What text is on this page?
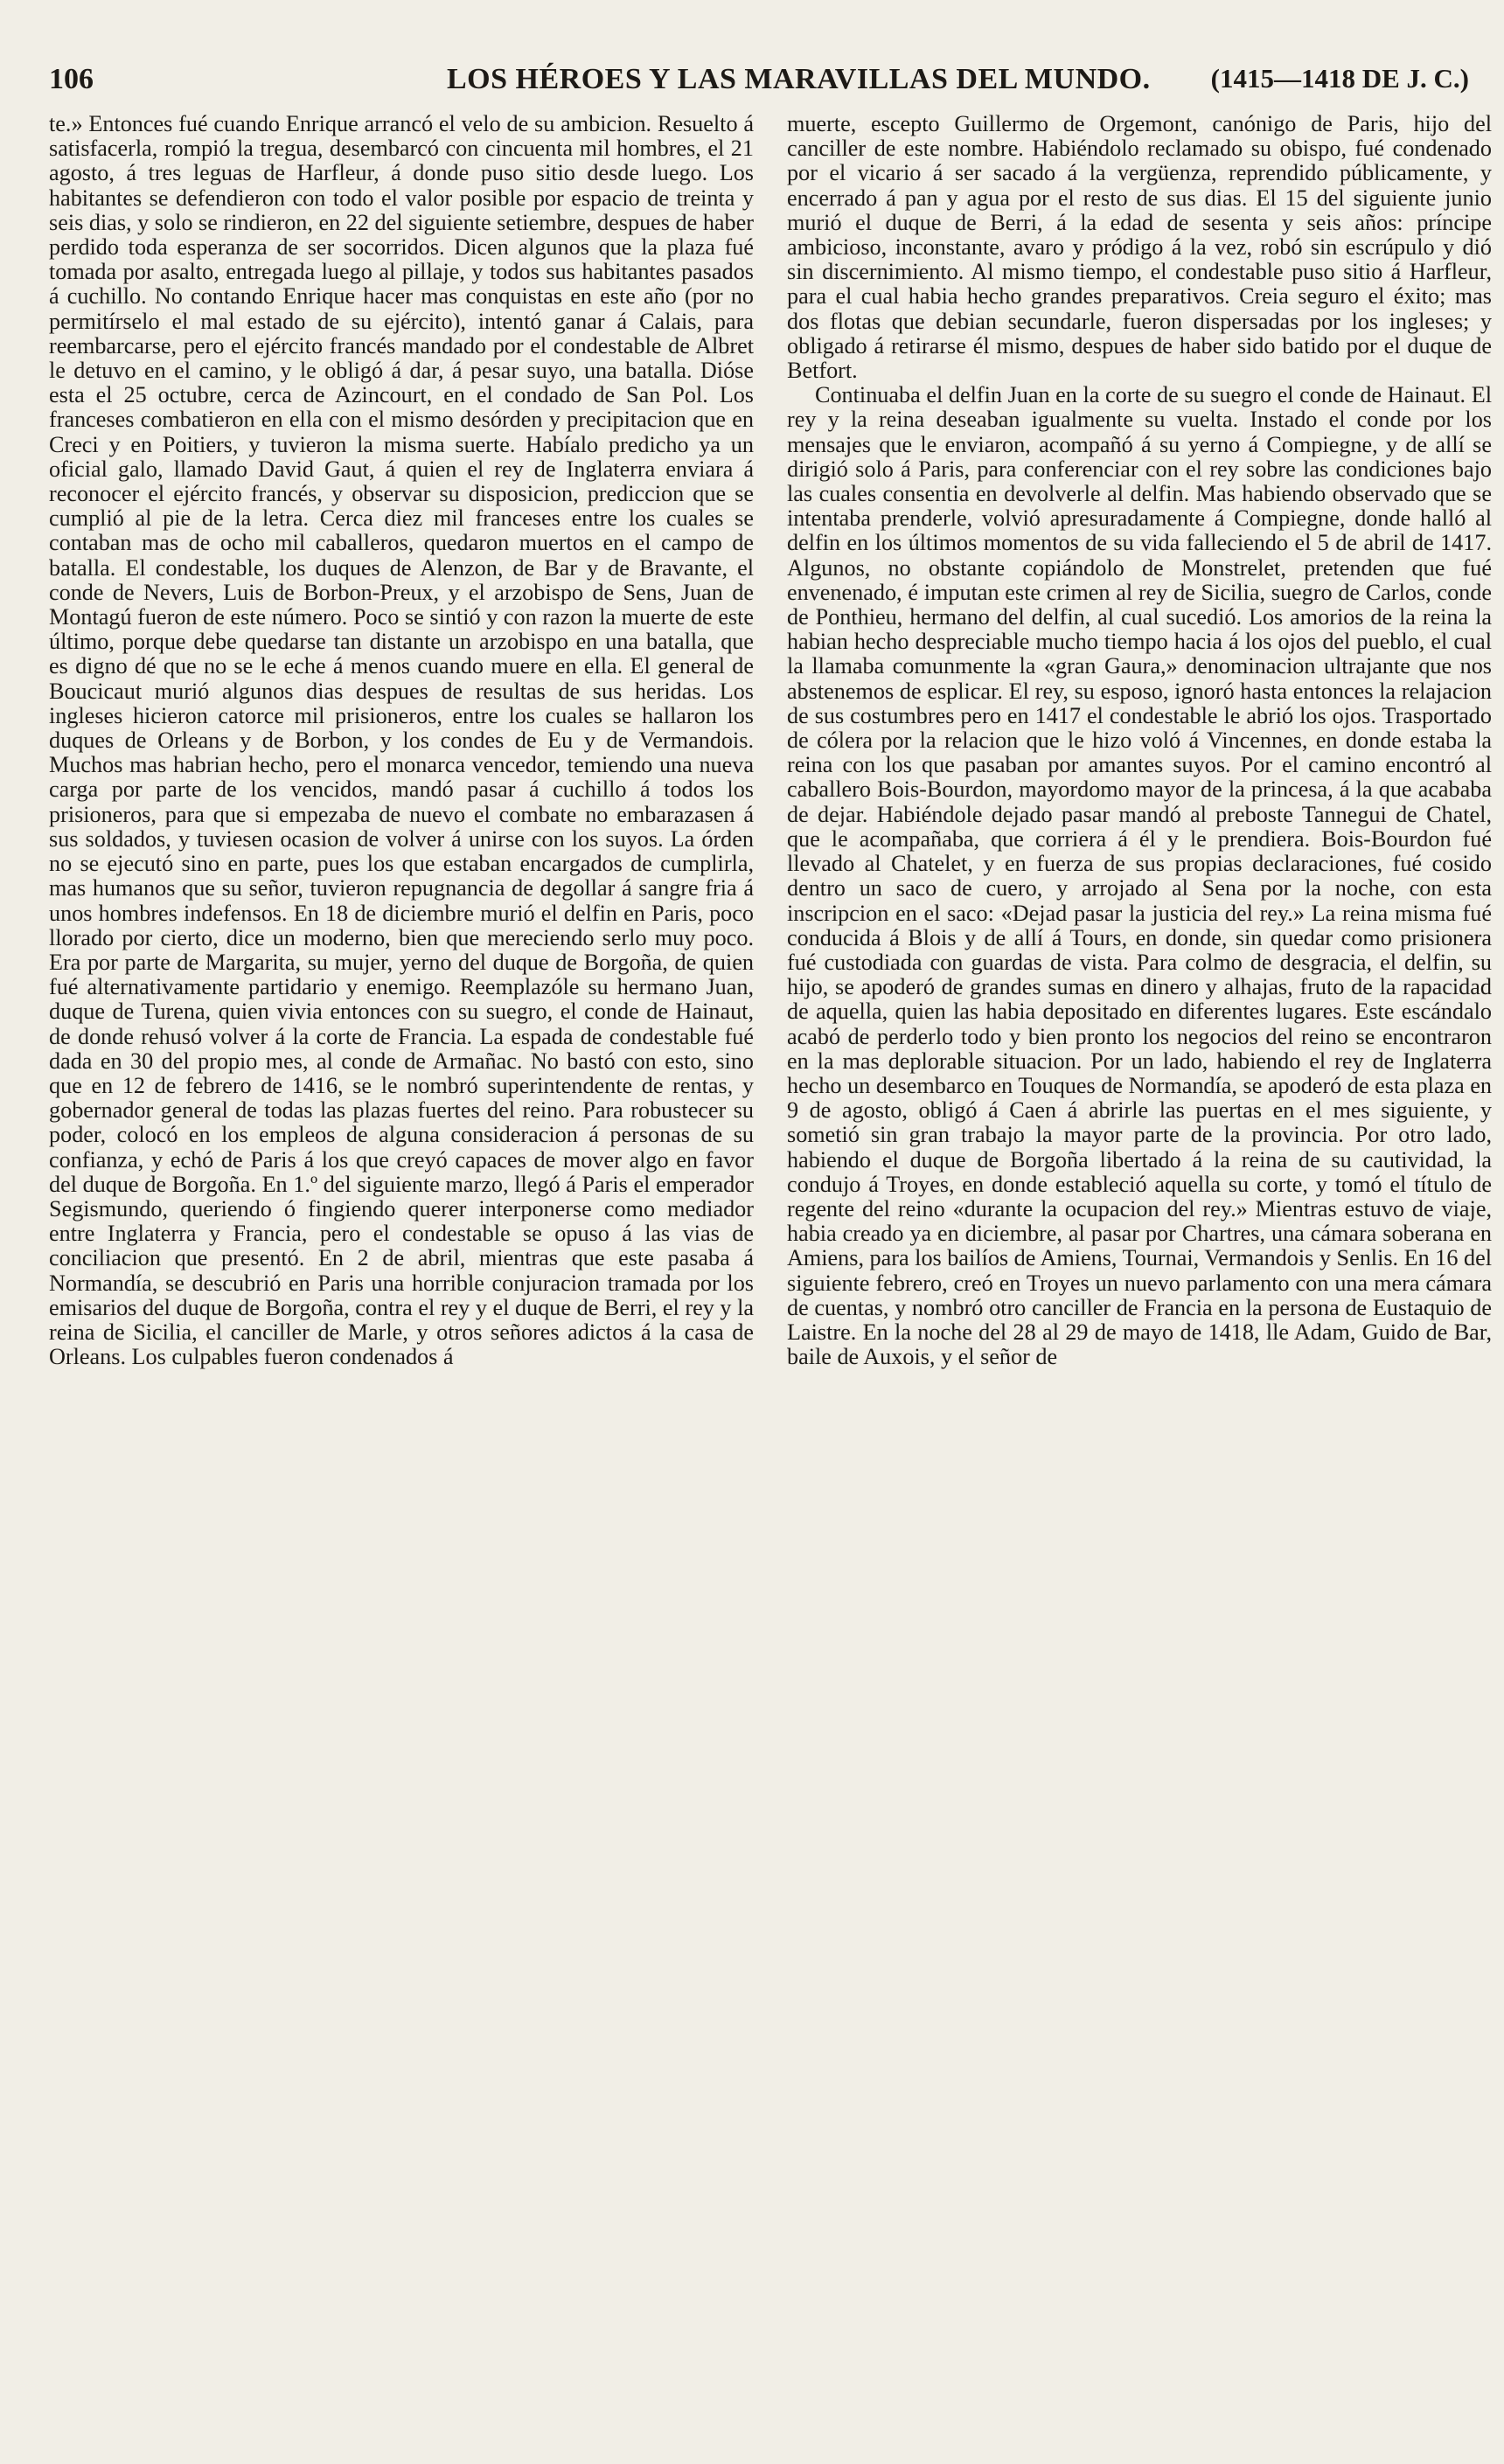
106	LOS HÉROES Y LAS MARAVILLAS DEL MUNDO. (1415—1418 DE J. C.)

te.» Entonces fué cuando Enrique arrancó el velo de su ambicion. Resuelto á satisfacerla, rompió la tregua, desembarcó con cincuenta mil hombres, el 21 agosto, á tres leguas de Harfleur, á donde puso sitio desde luego. Los habitantes se defendieron con todo el valor posible por espacio de treinta y seis dias, y solo se rindieron, en 22 del siguiente setiembre, despues de haber perdido toda esperanza de ser socorridos. Dicen algunos que la plaza fué tomada por asalto, entregada luego al pillaje, y todos sus habitantes pasados á cuchillo. No contando Enrique hacer mas conquistas en este año (por no permitírselo el mal estado de su ejército), intentó ganar á Calais, para reembarcarse, pero el ejército francés mandado por el condestable de Albret le detuvo en el camino, y le obligó á dar, á pesar suyo, una batalla. Dióse esta el 25 octubre, cerca de Azincourt, en el condado de San Pol. Los franceses combatieron en ella con el mismo desórden y precipitacion que en Creci y en Poitiers, y tuvieron la misma suerte. Habíalo predicho ya un oficial galo, llamado David Gaut, á quien el rey de Inglaterra enviara á reconocer el ejército francés, y observar su disposicion, prediccion que se cumplió al pie de la letra. Cerca diez mil franceses entre los cuales se contaban mas de ocho mil caballeros, quedaron muertos en el campo de batalla. El condestable, los duques de Alenzon, de Bar y de Bravante, el conde de Nevers, Luis de Borbon-Preux, y el arzobispo de Sens, Juan de Montagú fueron de este número. Poco se sintió y con razon la muerte de este último, porque debe quedarse tan distante un arzobispo en una batalla, que es digno dé que no se le eche á menos cuando muere en ella. El general de Boucicaut murió algunos dias despues de resultas de sus heridas. Los ingleses hicieron catorce mil prisioneros, entre los cuales se hallaron los duques de Orleans y de Borbon, y los condes de Eu y de Vermandois. Muchos mas habrian hecho, pero el monarca vencedor, temiendo una nueva carga por parte de los vencidos, mandó pasar á cuchillo á todos los prisioneros, para que si empezaba de nuevo el combate no embarazasen á sus soldados, y tuviesen ocasion de volver á unirse con los suyos. La órden no se ejecutó sino en parte, pues los que estaban encargados de cumplirla, mas humanos que su señor, tuvieron repugnancia de degollar á sangre fria á unos hombres indefensos. En 18 de diciembre murió el delfin en Paris, poco llorado por cierto, dice un moderno, bien que mereciendo serlo muy poco. Era por parte de Margarita, su mujer, yerno del duque de Borgoña, de quien fué alternativamente partidario y enemigo. Reemplazóle su hermano Juan, duque de Turena, quien vivia entonces con su suegro, el conde de Hainaut, de donde rehusó volver á la corte de Francia. La espada de condestable fué dada en 30 del propio mes, al conde de Armañac. No bastó con esto, sino que en 12 de febrero de 1416, se le nombró superintendente de rentas, y gobernador general de todas las plazas fuertes del reino. Para robustecer su poder, colocó en los empleos de alguna consideracion á personas de su confianza, y echó de Paris á los que creyó capaces de mover algo en favor del duque de Borgoña. En 1.º del siguiente marzo, llegó á Paris el emperador Segismundo, queriendo ó fingiendo querer interponerse como mediador entre Inglaterra y Francia, pero el condestable se opuso á las vias de conciliacion que presentó. En 2 de abril, mientras que este pasaba á Normandía, se descubrió en Paris una horrible conjuracion tramada por los emisarios del duque de Borgoña, contra el rey y el duque de Berri, el rey y la reina de Sicilia, el canciller de Marle, y otros señores adictos á la casa de Orleans. Los culpables fueron condenados á

muerte, escepto Guillermo de Orgemont, canónigo de Paris, hijo del canciller de este nombre. Habiéndolo reclamado su obispo, fué condenado por el vicario á ser sacado á la vergüenza, reprendido públicamente, y encerrado á pan y agua por el resto de sus dias. El 15 del siguiente junio murió el duque de Berri, á la edad de sesenta y seis años: príncipe ambicioso, inconstante, avaro y pródigo á la vez, robó sin escrúpulo y dió sin discernimiento. Al mismo tiempo, el condestable puso sitio á Harfleur, para el cual habia hecho grandes preparativos. Creia seguro el éxito; mas dos flotas que debian secundarle, fueron dispersadas por los ingleses; y obligado á retirarse él mismo, despues de haber sido batido por el duque de Betfort.

Continuaba el delfin Juan en la corte de su suegro el conde de Hainaut. El rey y la reina deseaban igualmente su vuelta. Instado el conde por los mensajes que le enviaron, acompañó á su yerno á Compiegne, y de allí se dirigió solo á Paris, para conferenciar con el rey sobre las condiciones bajo las cuales consentia en devolverle al delfin. Mas habiendo observado que se intentaba prenderle, volvió apresuradamente á Compiegne, donde halló al delfin en los últimos momentos de su vida falleciendo el 5 de abril de 1417. Algunos, no obstante copiándolo de Monstrelet, pretenden que fué envenenado, é imputan este crimen al rey de Sicilia, suegro de Carlos, conde de Ponthieu, hermano del delfin, al cual sucedió. Los amorios de la reina la habian hecho despreciable mucho tiempo hacia á los ojos del pueblo, el cual la llamaba comunmente la «gran Gaura,» denominacion ultrajante que nos abstenemos de esplicar. El rey, su esposo, ignoró hasta entonces la relajacion de sus costumbres pero en 1417 el condestable le abrió los ojos. Trasportado de cólera por la relacion que le hizo voló á Vincennes, en donde estaba la reina con los que pasaban por amantes suyos. Por el camino encontró al caballero Bois-Bourdon, mayordomo mayor de la princesa, á la que acababa de dejar. Habiéndole dejado pasar mandó al preboste Tannegui de Chatel, que le acompañaba, que corriera á él y le prendiera. Bois-Bourdon fué llevado al Chatelet, y en fuerza de sus propias declaraciones, fué cosido dentro un saco de cuero, y arrojado al Sena por la noche, con esta inscripcion en el saco: «Dejad pasar la justicia del rey.» La reina misma fué conducida á Blois y de allí á Tours, en donde, sin quedar como prisionera fué custodiada con guardas de vista. Para colmo de desgracia, el delfin, su hijo, se apoderó de grandes sumas en dinero y alhajas, fruto de la rapacidad de aquella, quien las habia depositado en diferentes lugares. Este escándalo acabó de perderlo todo y bien pronto los negocios del reino se encontraron en la mas deplorable situacion. Por un lado, habiendo el rey de Inglaterra hecho un desembarco en Touques de Normandía, se apoderó de esta plaza en 9 de agosto, obligó á Caen á abrirle las puertas en el mes siguiente, y sometió sin gran trabajo la mayor parte de la provincia. Por otro lado, habiendo el duque de Borgoña libertado á la reina de su cautividad, la condujo á Troyes, en donde estableció aquella su corte, y tomó el título de regente del reino «durante la ocupacion del rey.» Mientras estuvo de viaje, habia creado ya en diciembre, al pasar por Chartres, una cámara soberana en Amiens, para los bailíos de Amiens, Tournai, Vermandois y Senlis. En 16 del siguiente febrero, creó en Troyes un nuevo parlamento con una mera cámara de cuentas, y nombró otro canciller de Francia en la persona de Eustaquio de Laistre. En la noche del 28 al 29 de mayo de 1418, lle Adam, Guido de Bar, baile de Auxois, y el señor de
